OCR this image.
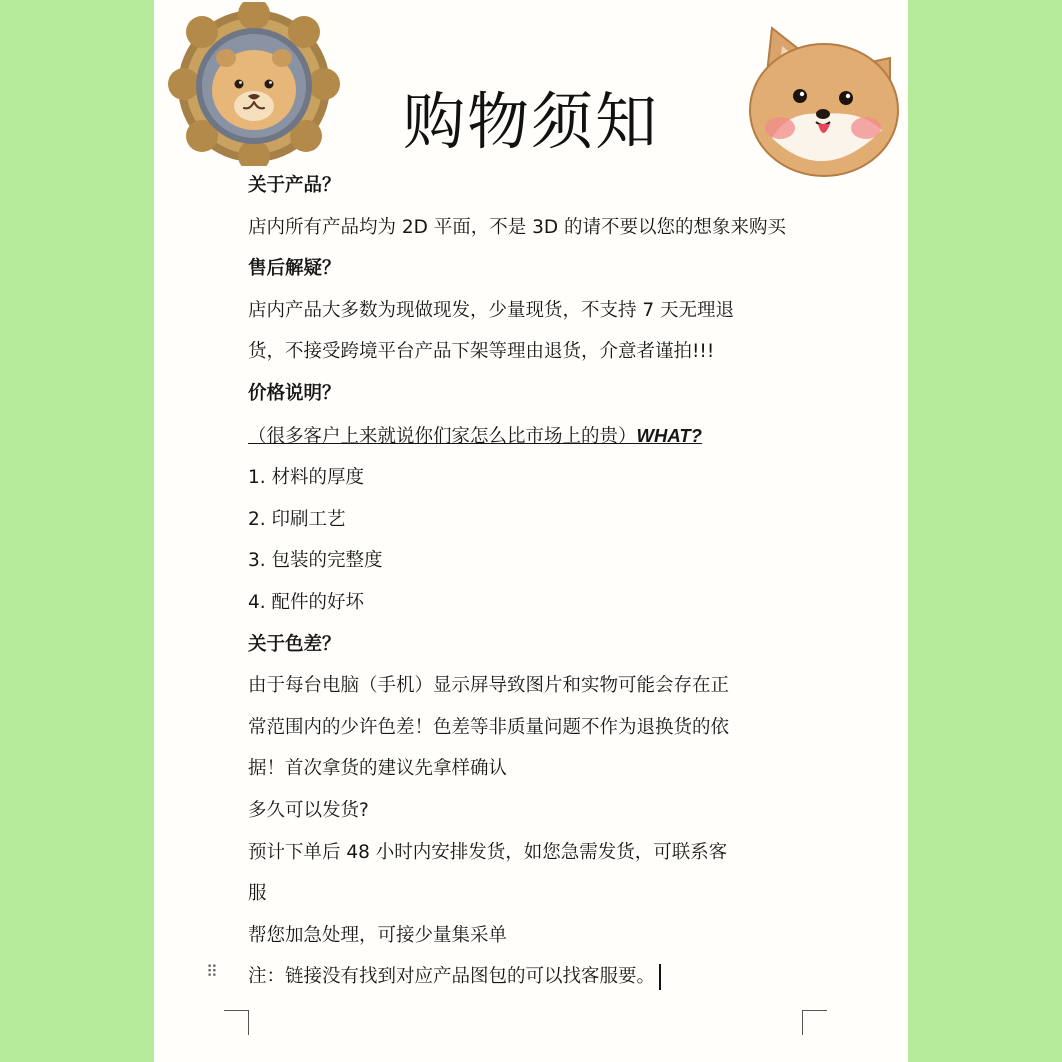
购物须知
关于产品？
店内所有产品均为 2D 平面，不是 3D 的请不要以您的想象来购买
售后解疑？
店内产品大多数为现做现发，少量现货，不支持 7 天无理退
货，不接受跨境平台产品下架等理由退货，介意者谨拍!!!
价格说明？
（很多客户上来就说你们家怎么比市场上的贵）WHAT?
1. 材料的厚度
2. 印刷工艺
3. 包装的完整度
4. 配件的好坏
关于色差？
由于每台电脑（手机）显示屏导致图片和实物可能会存在正
常范围内的少许色差！色差等非质量问题不作为退换货的依
据！首次拿货的建议先拿样确认
多久可以发货?
预计下单后 48 小时内安排发货，如您急需发货，可联系客
服
帮您加急处理，可接少量集采单
注：链接没有找到对应产品图包的可以找客服要。
⠿
